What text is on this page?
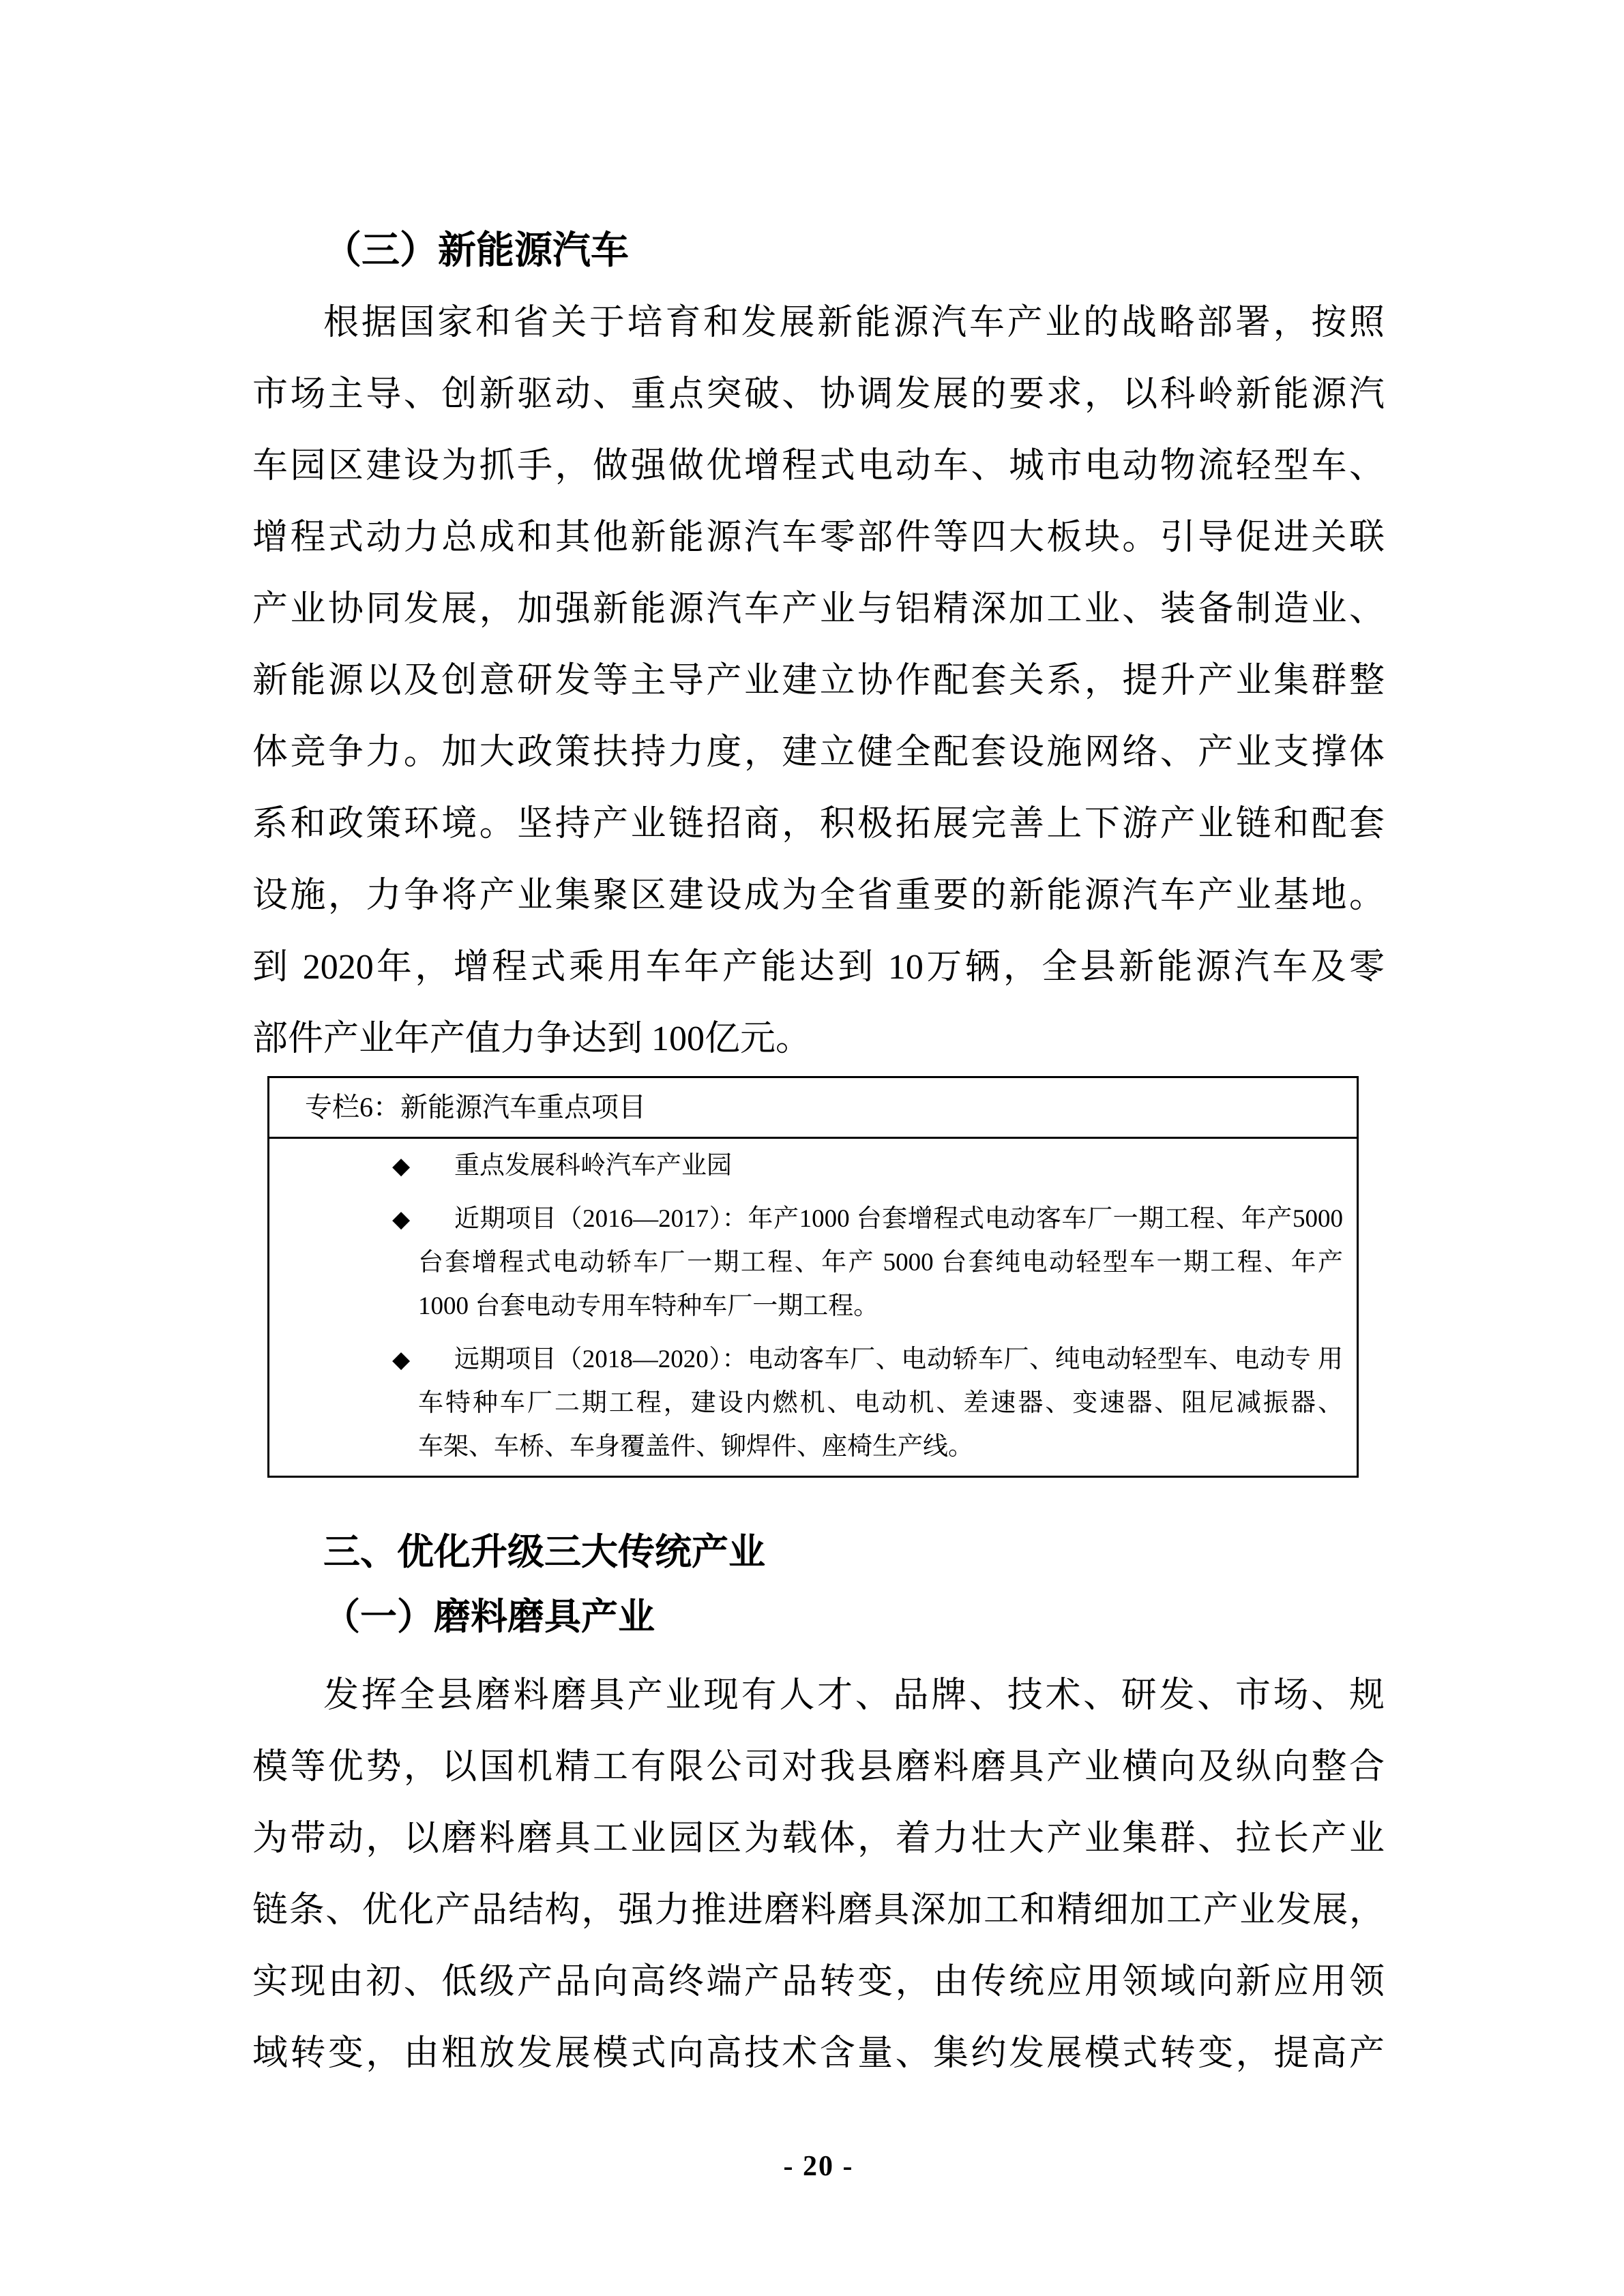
（三）新能源汽车
根据国家和省关于培育和发展新能源汽车产业的战略部署，按照
市场主导、创新驱动、重点突破、协调发展的要求，以科岭新能源汽
车园区建设为抓手，做强做优增程式电动车、城市电动物流轻型车、
增程式动力总成和其他新能源汽车零部件等四大板块。引导促进关联
产业协同发展，加强新能源汽车产业与铝精深加工业、装备制造业、
新能源以及创意研发等主导产业建立协作配套关系，提升产业集群整
体竞争力。加大政策扶持力度，建立健全配套设施网络、产业支撑体
系和政策环境。坚持产业链招商，积极拓展完善上下游产业链和配套
设施，力争将产业集聚区建设成为全省重要的新能源汽车产业基地。
到 2020年，增程式乘用车年产能达到 10万辆，全县新能源汽车及零
部件产业年产值力争达到 100亿元。
专栏6：新能源汽车重点项目
◆	重点发展科岭汽车产业园
◆	近期项目（2016—2017）：年产1000 台套增程式电动客车厂一期工程、年产5000
台套增程式电动轿车厂一期工程、年产 5000 台套纯电动轻型车一期工程、年产
1000 台套电动专用车特种车厂一期工程。
◆	远期项目（2018—2020）：电动客车厂、电动轿车厂、纯电动轻型车、电动专 用
车特种车厂二期工程，建设内燃机、电动机、差速器、变速器、阻尼减振器、
车架、车桥、车身覆盖件、铆焊件、座椅生产线。
三、优化升级三大传统产业
（一）磨料磨具产业
发挥全县磨料磨具产业现有人才、品牌、技术、研发、市场、规
模等优势，以国机精工有限公司对我县磨料磨具产业横向及纵向整合
为带动，以磨料磨具工业园区为载体，着力壮大产业集群、拉长产业
链条、优化产品结构，强力推进磨料磨具深加工和精细加工产业发展，
实现由初、低级产品向高终端产品转变，由传统应用领域向新应用领
域转变，由粗放发展模式向高技术含量、集约发展模式转变，提高产
- 20 -
